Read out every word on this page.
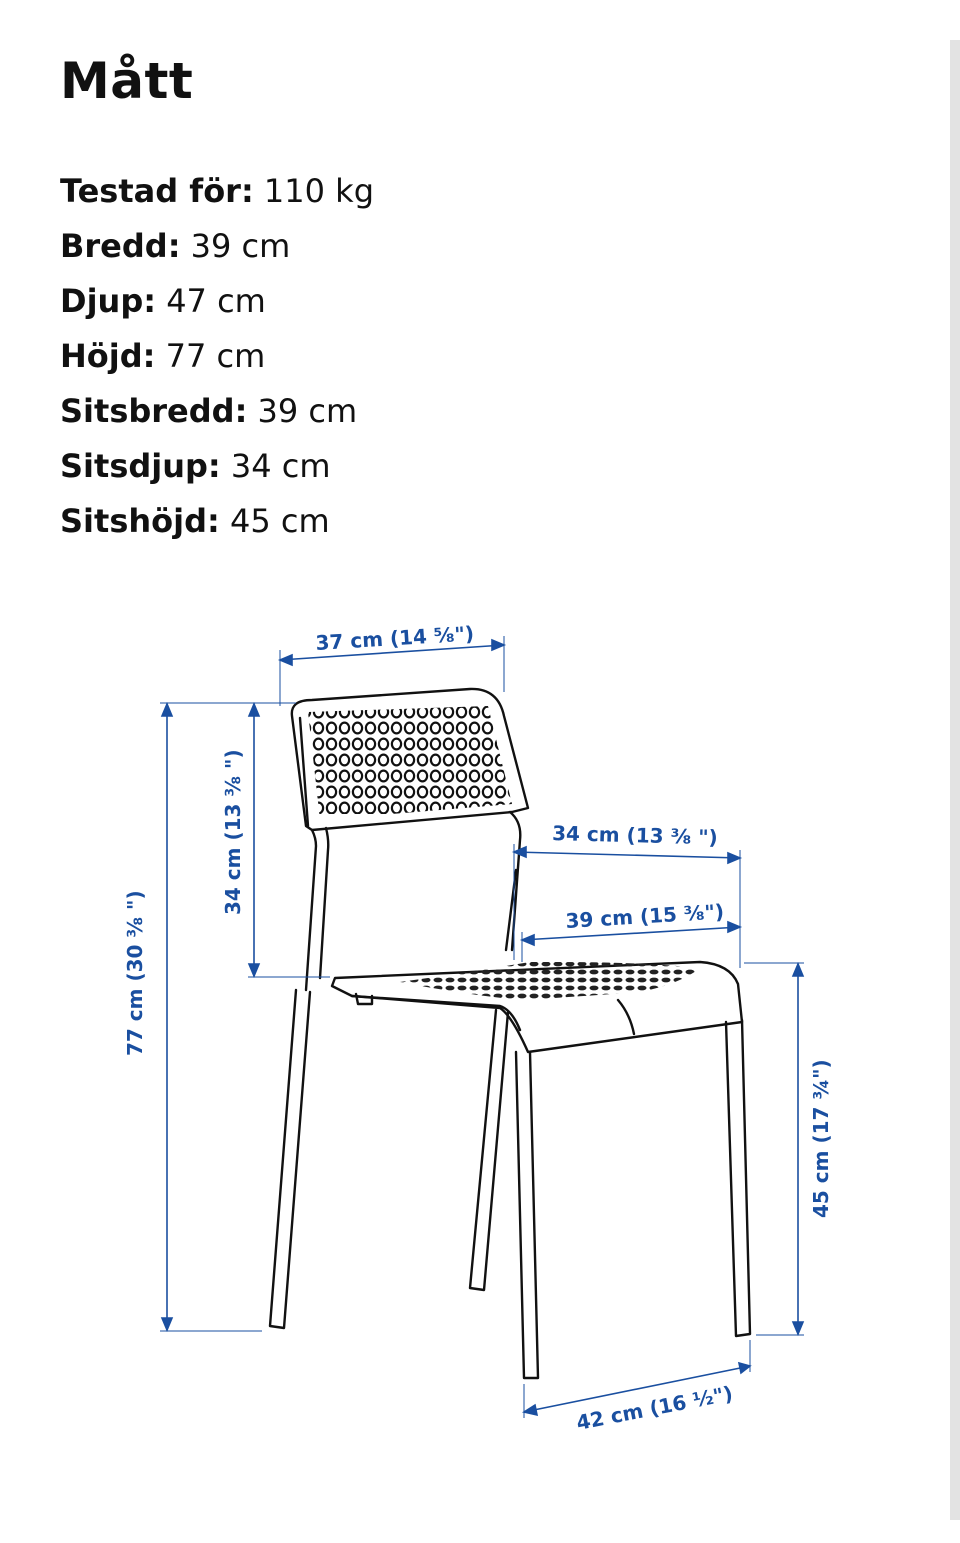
Mått
Testad för: 110 kg
Bredd: 39 cm
Djup: 47 cm
Höjd: 77 cm
Sitsbredd: 39 cm
Sitsdjup: 34 cm
Sitshöjd: 45 cm
37 cm (14 ⅝")
77 cm (30 ⅜ ")
34 cm (13 ⅜ ")	34 cm (13 ⅜ ")
39 cm (15 ⅜")
45 cm (17 ¾")
42 cm (16 ½")
